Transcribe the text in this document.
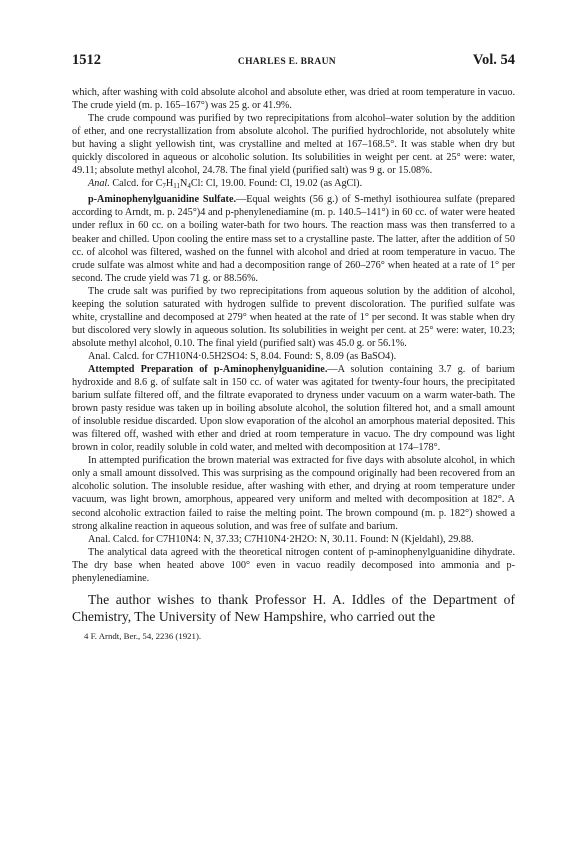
1512	CHARLES E. BRAUN	Vol. 54

which, after washing with cold absolute alcohol and absolute ether, was dried at room temperature in vacuo. The crude yield (m. p. 165–167°) was 25 g. or 41.9%.

The crude compound was purified by two reprecipitations from alcohol–water solution by the addition of ether, and one recrystallization from absolute alcohol. The purified hydrochloride, not absolutely white but having a slight yellowish tint, was crystalline and melted at 167–168.5°. It was stable when dry but quickly discolored in aqueous or alcoholic solution. Its solubilities in weight per cent. at 25° were: water, 49.11; absolute methyl alcohol, 24.78. The final yield (purified salt) was 9 g. or 15.08%.

Anal. Calcd. for $C_7H_{11}N_4Cl$: Cl, 19.00. Found: Cl, 19.02 (as AgCl).

p-Aminophenylguanidine Sulfate.—Equal weights (56 g.) of S-methyl isothiourea sulfate (prepared according to Arndt, m. p. 245°)4 and p-phenylenediamine (m. p. 140.5–141°) in 60 cc. of water were heated under reflux in 60 cc. on a boiling water-bath for two hours. The reaction mass was then transferred to a beaker and chilled. Upon cooling the entire mass set to a crystalline paste. The latter, after the addition of 50 cc. of alcohol was filtered, washed on the funnel with alcohol and dried at room temperature in vacuo. The crude sulfate was almost white and had a decomposition range of 260–276° when heated at a rate of 1° per second. The crude yield was 71 g. or 88.56%.

The crude salt was purified by two reprecipitations from aqueous solution by the addition of alcohol, keeping the solution saturated with hydrogen sulfide to prevent discoloration. The purified sulfate was white, crystalline and decomposed at 279° when heated at the rate of 1° per second. It was stable when dry but discolored very slowly in aqueous solution. Its solubilities in weight per cent. at 25° were: water, 10.23; absolute methyl alcohol, 0.10. The final yield (purified salt) was 45.0 g. or 56.1%.

Anal. Calcd. for C7H10N4·0.5H2SO4: S, 8.04. Found: S, 8.09 (as BaSO4).

Attempted Preparation of p-Aminophenylguanidine.—A solution containing 3.7 g. of barium hydroxide and 8.6 g. of sulfate salt in 150 cc. of water was agitated for twenty-four hours, the precipitated barium sulfate filtered off, and the filtrate evaporated to dryness under vacuum on a warm water-bath. The brown pasty residue was taken up in boiling absolute alcohol, the solution filtered hot, and a small amount of insoluble residue discarded. Upon slow evaporation of the alcohol an amorphous material deposited. This was filtered off, washed with ether and dried at room temperature in vacuo. The dry compound was light brown in color, readily soluble in cold water, and melted with decomposition at 174–178°.

In attempted purification the brown material was extracted for five days with absolute alcohol, in which only a small amount dissolved. This was surprising as the compound originally had been recovered from an alcoholic solution. The insoluble residue, after washing with ether, and drying at room temperature under vacuum, was light brown, amorphous, appeared very uniform and melted with decomposition at 182°. A second alcoholic extraction failed to raise the melting point. The brown compound (m. p. 182°) showed a strong alkaline reaction in aqueous solution, and was free of sulfate and barium.

Anal. Calcd. for C7H10N4: N, 37.33; C7H10N4·2H2O: N, 30.11. Found: N (Kjeldahl), 29.88.

The analytical data agreed with the theoretical nitrogen content of p-aminophenylguanidine dihydrate. The dry base when heated above 100° even in vacuo readily decomposed into ammonia and p-phenylenediamine.

The author wishes to thank Professor H. A. Iddles of the Department of Chemistry, The University of New Hampshire, who carried out the

4 F. Arndt, Ber., 54, 2236 (1921).
